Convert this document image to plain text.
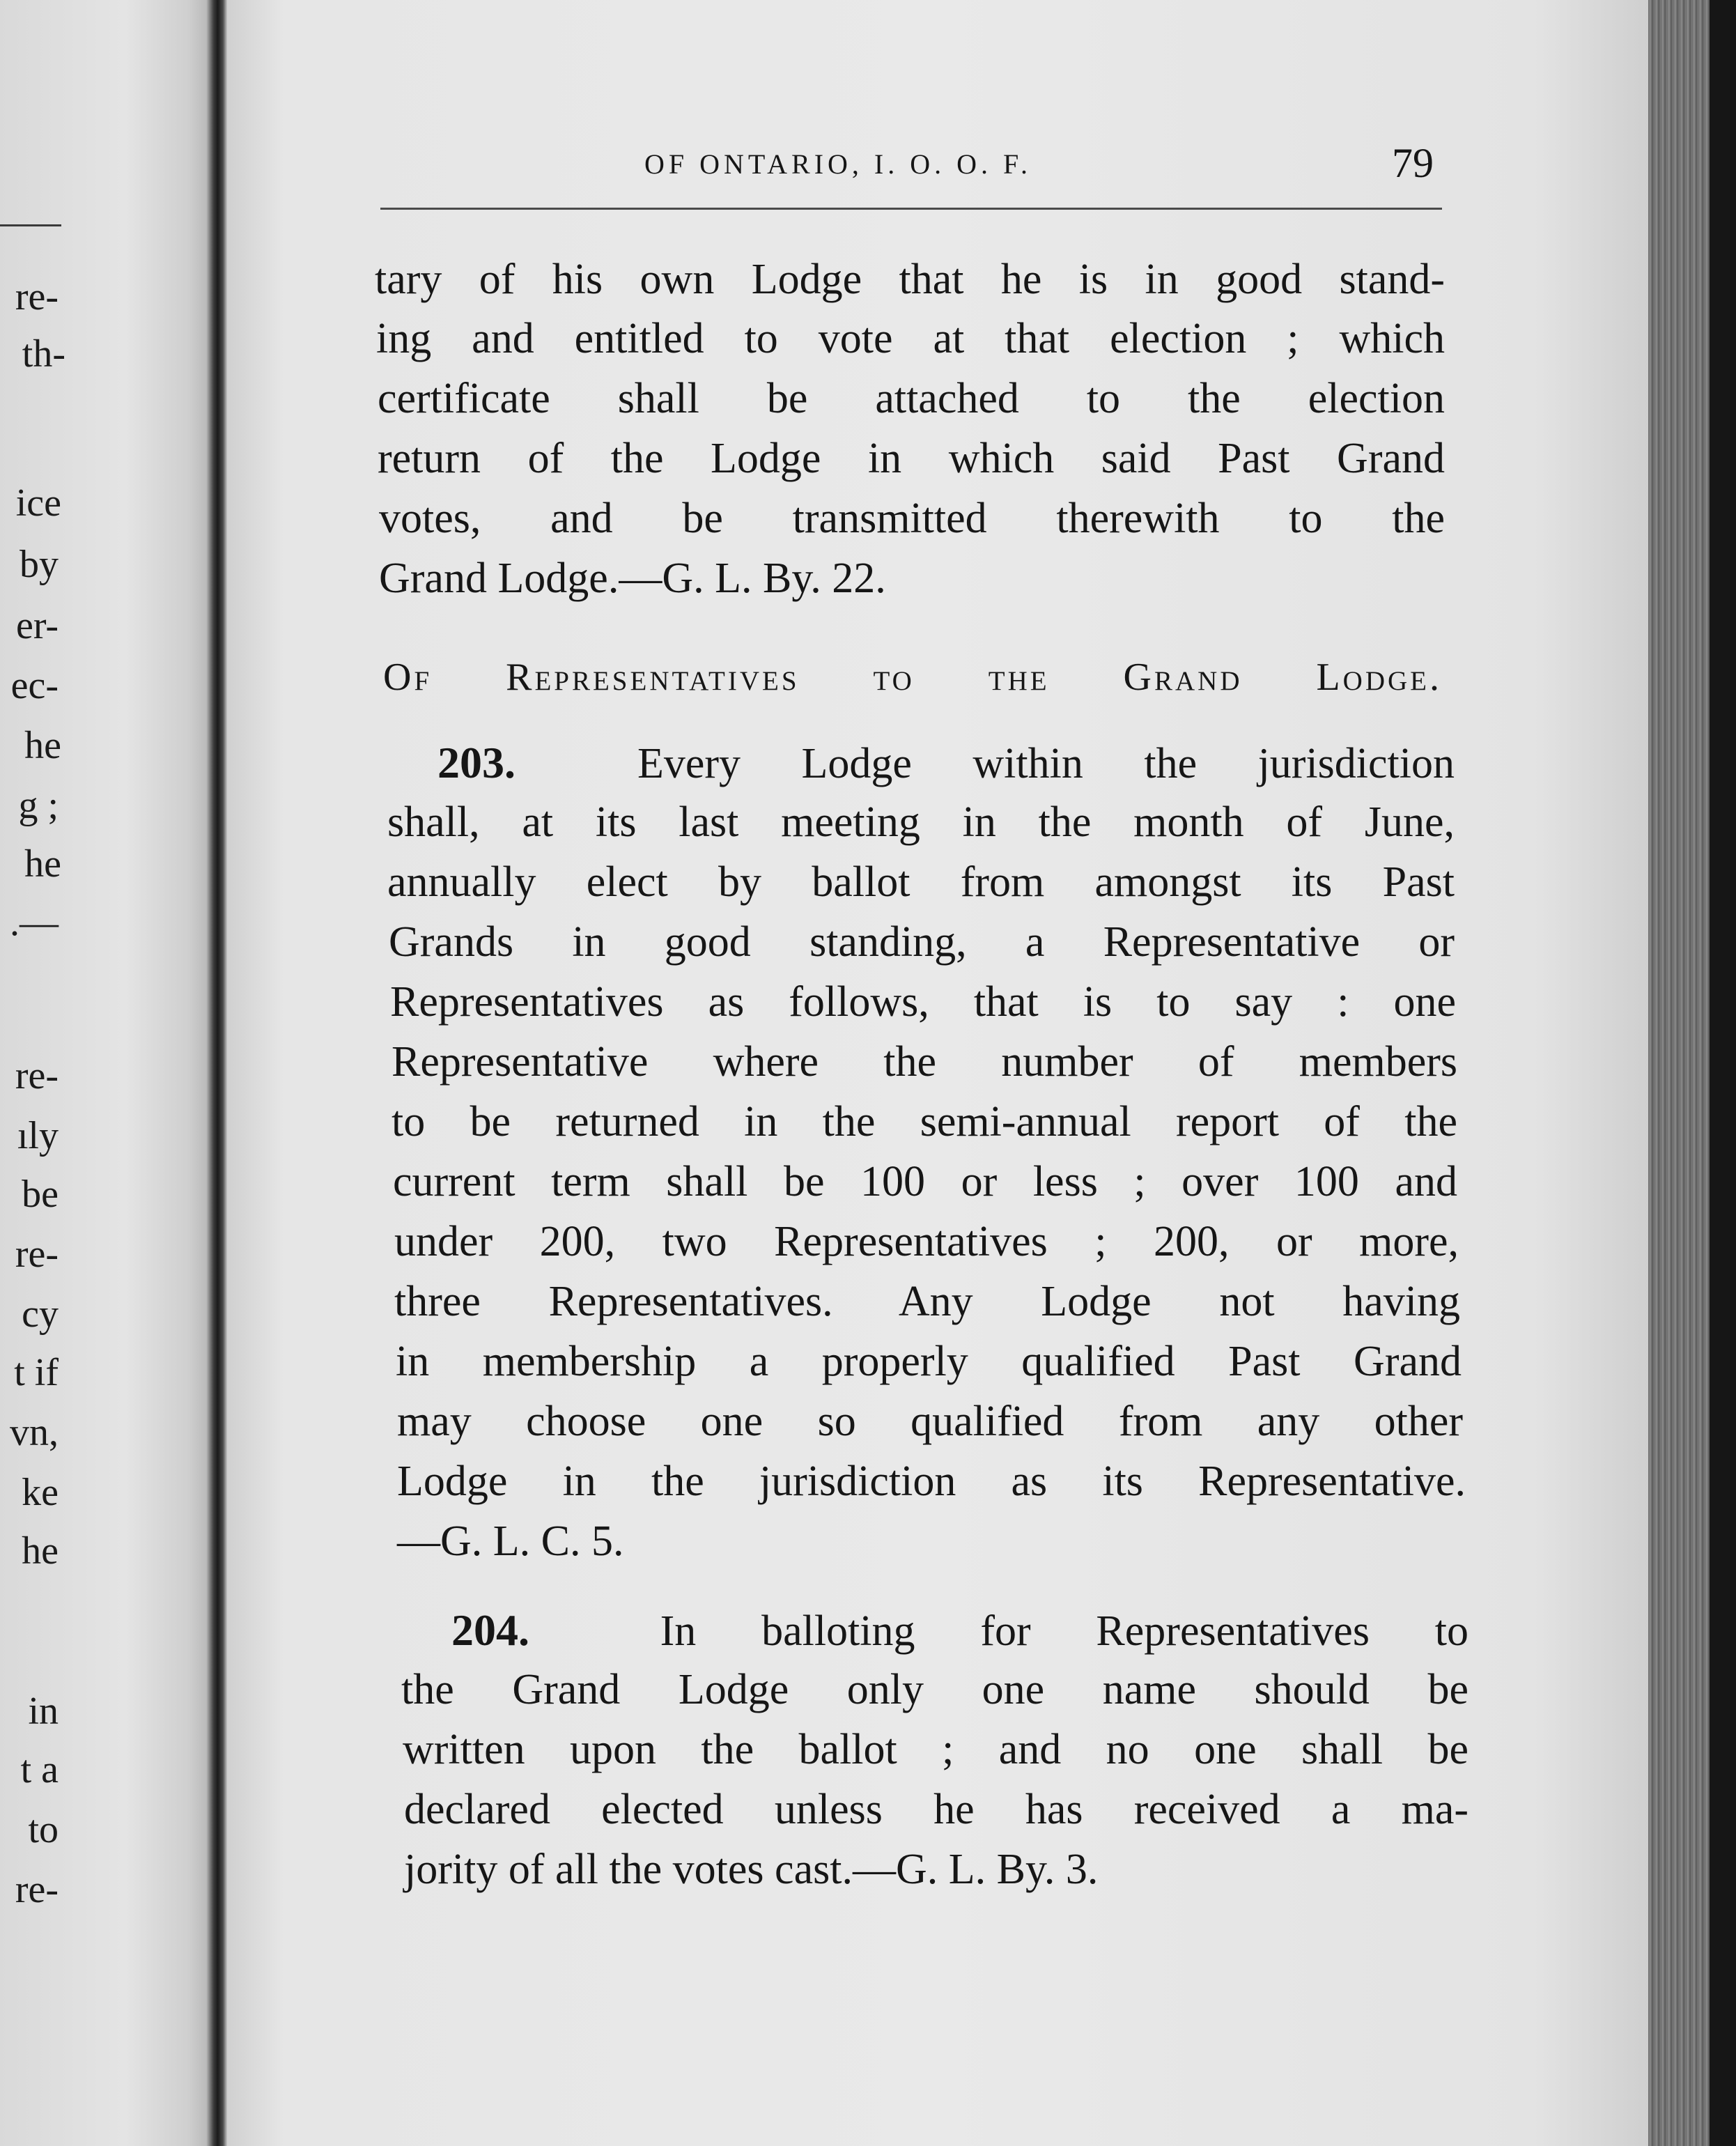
re-
th-
ice
by
er-
ec-
he
g ;
he
.—
re-
ıly
be
re-
cy
t if
vn,
ke
he
in
t a
to
re-
OF ONTARIO, I. O. O. F.	79
tary of his own Lodge that he is in good stand-
ing and entitled to vote at that election ; which
certificate shall be attached to the election
return of the Lodge in which said Past Grand
votes, and be transmitted therewith to the
Grand Lodge.—G. L. By. 22.
Of Representatives to the Grand Lodge.
203.	Every Lodge within the jurisdiction
shall, at its last meeting in the month of June,
annually elect by ballot from amongst its Past
Grands in good standing, a Representative or
Representatives as follows, that is to say : one
Representative where the number of members
to be returned in the semi-annual report of the
current term shall be 100 or less ; over 100 and
under 200, two Representatives ; 200, or more,
three Representatives. Any Lodge not having
in membership a properly qualified Past Grand
may choose one so qualified from any other
Lodge in the jurisdiction as its Representative.
—G. L. C. 5.
204.	In balloting for Representatives to
the Grand Lodge only one name should be
written upon the ballot ; and no one shall be
declared elected unless he has received a ma-
jority of all the votes cast.—G. L. By. 3.
